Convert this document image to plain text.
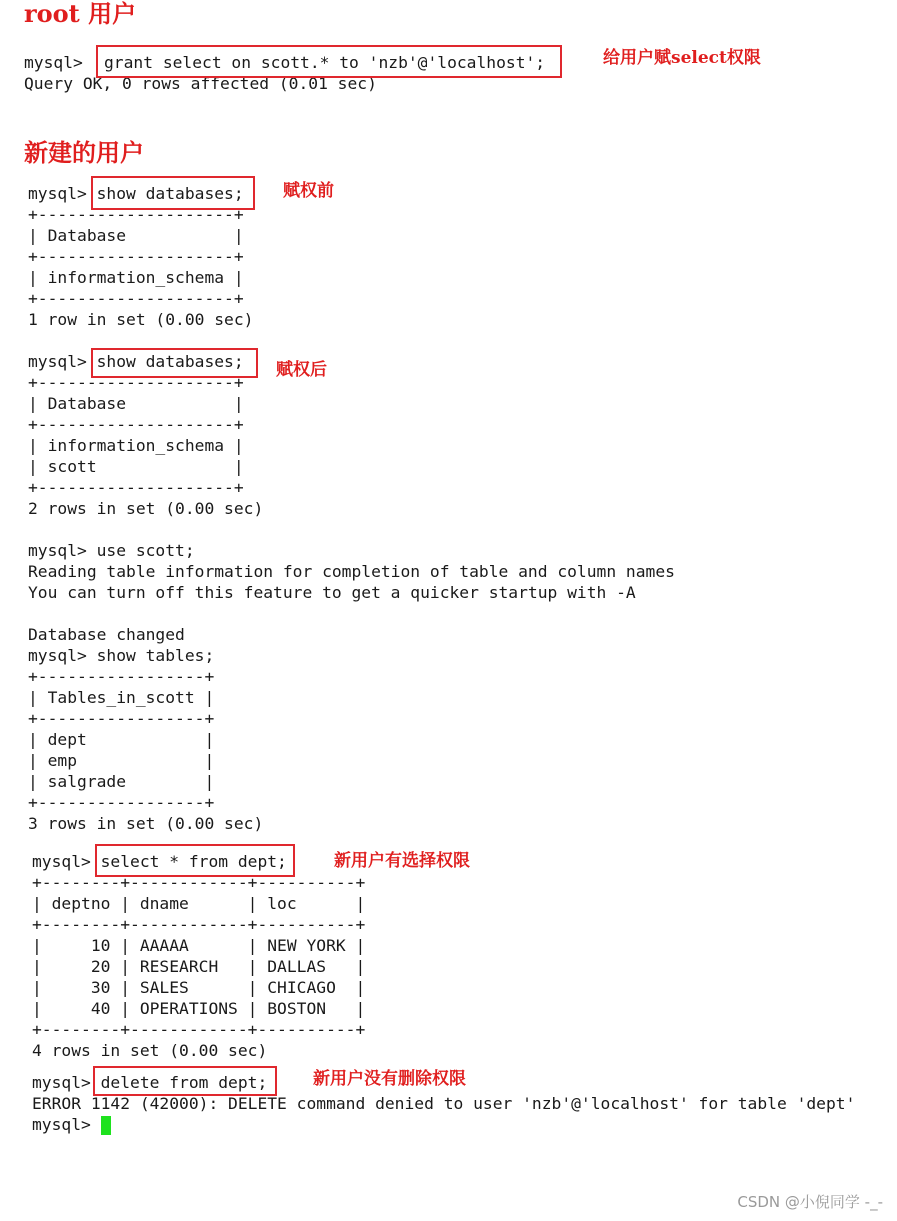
root 用户
新建的用户
mysql> grant select on scott.* to 'nzb'@'localhost';
Query OK, 0 rows affected (0.01 sec)
给用户赋select权限
mysql> show databases;
+--------------------+
| Database           |
+--------------------+
| information_schema |
+--------------------+
1 row in set (0.00 sec)
赋权前
mysql> show databases;
+--------------------+
| Database           |
+--------------------+
| information_schema |
| scott              |
+--------------------+
2 rows in set (0.00 sec)

mysql> use scott;
Reading table information for completion of table and column names
You can turn off this feature to get a quicker startup with -A

Database changed
mysql> show tables;
+-----------------+
| Tables_in_scott |
+-----------------+
| dept            |
| emp             |
| salgrade        |
+-----------------+
3 rows in set (0.00 sec)
赋权后
mysql> select * from dept;
+--------+------------+----------+
| deptno | dname      | loc      |
+--------+------------+----------+
|     10 | AAAAA      | NEW YORK |
|     20 | RESEARCH   | DALLAS   |
|     30 | SALES      | CHICAGO  |
|     40 | OPERATIONS | BOSTON   |
+--------+------------+----------+
4 rows in set (0.00 sec)
新用户有选择权限
mysql> delete from dept;
ERROR 1142 (42000): DELETE command denied to user 'nzb'@'localhost' for table 'dept'
mysql>
新用户没有删除权限
CSDN @小倪同学 -_-
